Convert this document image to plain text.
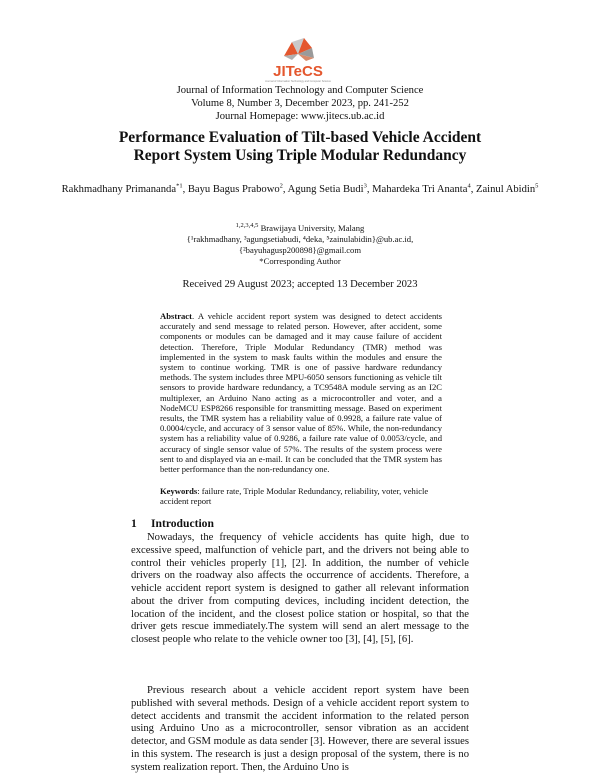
JITeCS
Journal of Information Technology and Computer Science
Journal of Information Technology and Computer Science
Volume 8, Number 3, December 2023, pp. 241-252
Journal Homepage: www.jitecs.ub.ac.id
Performance Evaluation of Tilt-based Vehicle Accident
Report System Using Triple Modular Redundancy
Rakhmadhany Primananda$^{*1}$, Bayu Bagus Prabowo$^2$, Agung Setia Budi$^3$, Mahardeka Tri Ananta$^4$, Zainul Abidin$^5$
$^{1,2,3,4,5}$ Brawijaya University, Malang
{¹rakhmadhany, ³agungsetiabudi, ⁴deka, ⁵zainulabidin}@ub.ac.id,
{²bayuhagusp200898}@gmail.com
*Corresponding Author
Received 29 August 2023; accepted 13 December 2023
Abstract. A vehicle accident report system was designed to detect accidents accurately and send message to related person. However, after accident, some components or modules can be damaged and it may cause failure of accident detection. Therefore, Triple Modular Redundancy (TMR) method was implemented in the system to mask faults within the modules and ensure the system to continue working. TMR is one of passive hardware redundancy methods. The system includes three MPU-6050 sensors functioning as vehicle tilt sensors to provide hardware redundancy, a TC9548A module serving as an I2C multiplexer, an Arduino Nano acting as a microcontroller and voter, and a NodeMCU ESP8266 responsible for transmitting message. Based on experiment results, the TMR system has a reliability value of 0.9928, a failure rate value of 0.0004/cycle, and accuracy of 3 sensor value of 85%. While, the non-redundancy system has a reliability value of 0.9286, a failure rate value of 0.0053/cycle, and accuracy of single sensor value of 57%. The results of the system process were sent to and displayed via an e-mail. It can be concluded that the TMR system has better performance than the non-redundancy one.
Keywords: failure rate, Triple Modular Redundancy, reliability, voter, vehicle accident report
1 Introduction

Nowadays, the frequency of vehicle accidents has quite high, due to excessive speed, malfunction of vehicle part, and the drivers not being able to control their vehicles properly [1], [2]. In addition, the number of vehicle drivers on the roadway also affects the occurrence of accidents. Therefore, a vehicle accident report system is designed to gather all relevant information about the driver from computing devices, including incident detection, the location of the incident, and the closest police station or hospital, so that the driver gets rescue immediately.The system will send an alert message to the closest people who relate to the vehicle owner too [3], [4], [5], [6].

Previous research about a vehicle accident report system have been published with several methods. Design of a vehicle accident report system to detect accidents and transmit the accident information to the related person using Arduino Uno as a microcontroller, sensor vibration as an accident detector, and GSM module as data sender [3]. However, there are several issues in this system. The research is just a design proposal of the system, there is no system realization report. Then, the Arduino Uno is
